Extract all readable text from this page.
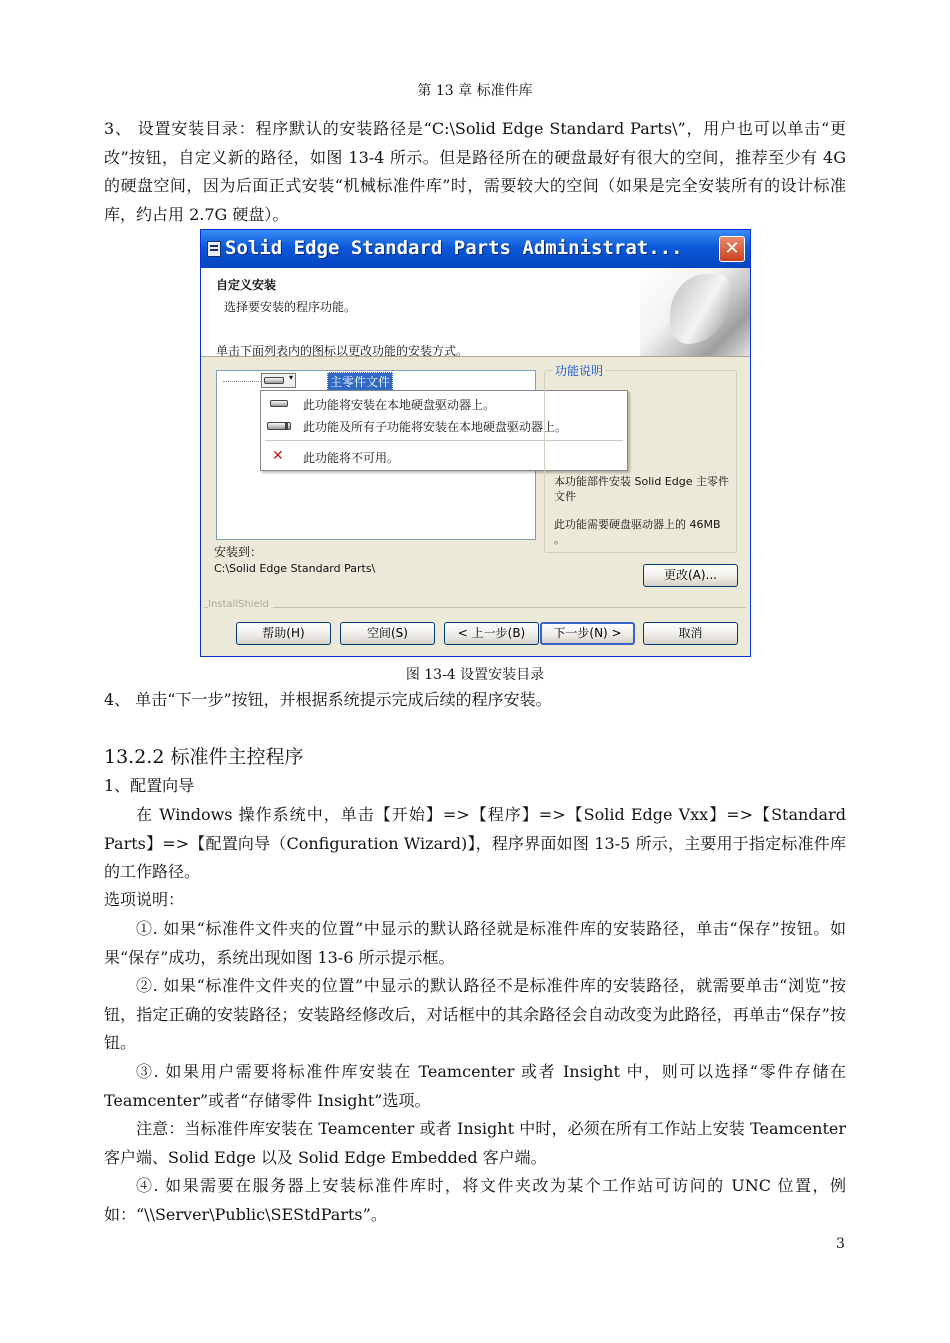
第 13 章 标准件库
3、 设置安装目录：程序默认的安装路径是“C:\Solid Edge Standard Parts\”，用户也可以单击“更改”按钮，自定义新的路径，如图 13-4 所示。但是路径所在的硬盘最好有很大的空间，推荐至少有 4G 的硬盘空间，因为后面正式安装“机械标准件库”时，需要较大的空间（如果是完全安装所有的设计标准库，约占用 2.7G 硬盘）。
Solid Edge Standard Parts Administrat...	✕
自定义安装
选择要安装的程序功能。
单击下面列表内的图标以更改功能的安装方式。
▾	主零件文件
此功能将安装在本地硬盘驱动器上。
此功能及所有子功能将安装在本地硬盘驱动器上。
✕ 此功能将不可用。
功能说明
本功能部件安装 Solid Edge 主零件文件
此功能需要硬盘驱动器上的 46MB 。
安装到：
C:\Solid Edge Standard Parts\	更改(A)...
InstallShield
帮助(H)	空间(S)	< 上一步(B)	下一步(N) >	取消
图 13-4 设置安装目录
4、 单击“下一步”按钮，并根据系统提示完成后续的程序安装。
13.2.2 标准件主控程序
1、配置向导
在 Windows 操作系统中，单击【开始】=>【程序】=>【Solid Edge Vxx】=>【Standard Parts】=>【配置向导（Configuration Wizard)】，程序界面如图 13-5 所示，主要用于指定标准件库的工作路径。
选项说明：
①. 如果“标准件文件夹的位置”中显示的默认路径就是标准件库的安装路径，单击“保存”按钮。如果“保存”成功，系统出现如图 13-6 所示提示框。
②. 如果“标准件文件夹的位置”中显示的默认路径不是标准件库的安装路径，就需要单击“浏览”按钮，指定正确的安装路径；安装路经修改后，对话框中的其余路径会自动改变为此路径，再单击“保存”按钮。
③. 如果用户需要将标准件库安装在 Teamcenter 或者 Insight 中，则可以选择“零件存储在 Teamcenter”或者“存储零件 Insight”选项。
注意：当标准件库安装在 Teamcenter 或者 Insight 中时，必须在所有工作站上安装 Teamcenter 客户端、Solid Edge 以及 Solid Edge Embedded 客户端。
④. 如果需要在服务器上安装标准件库时，将文件夹改为某个工作站可访问的 UNC 位置，例如：“\\Server\Public\SEStdParts”。
3
